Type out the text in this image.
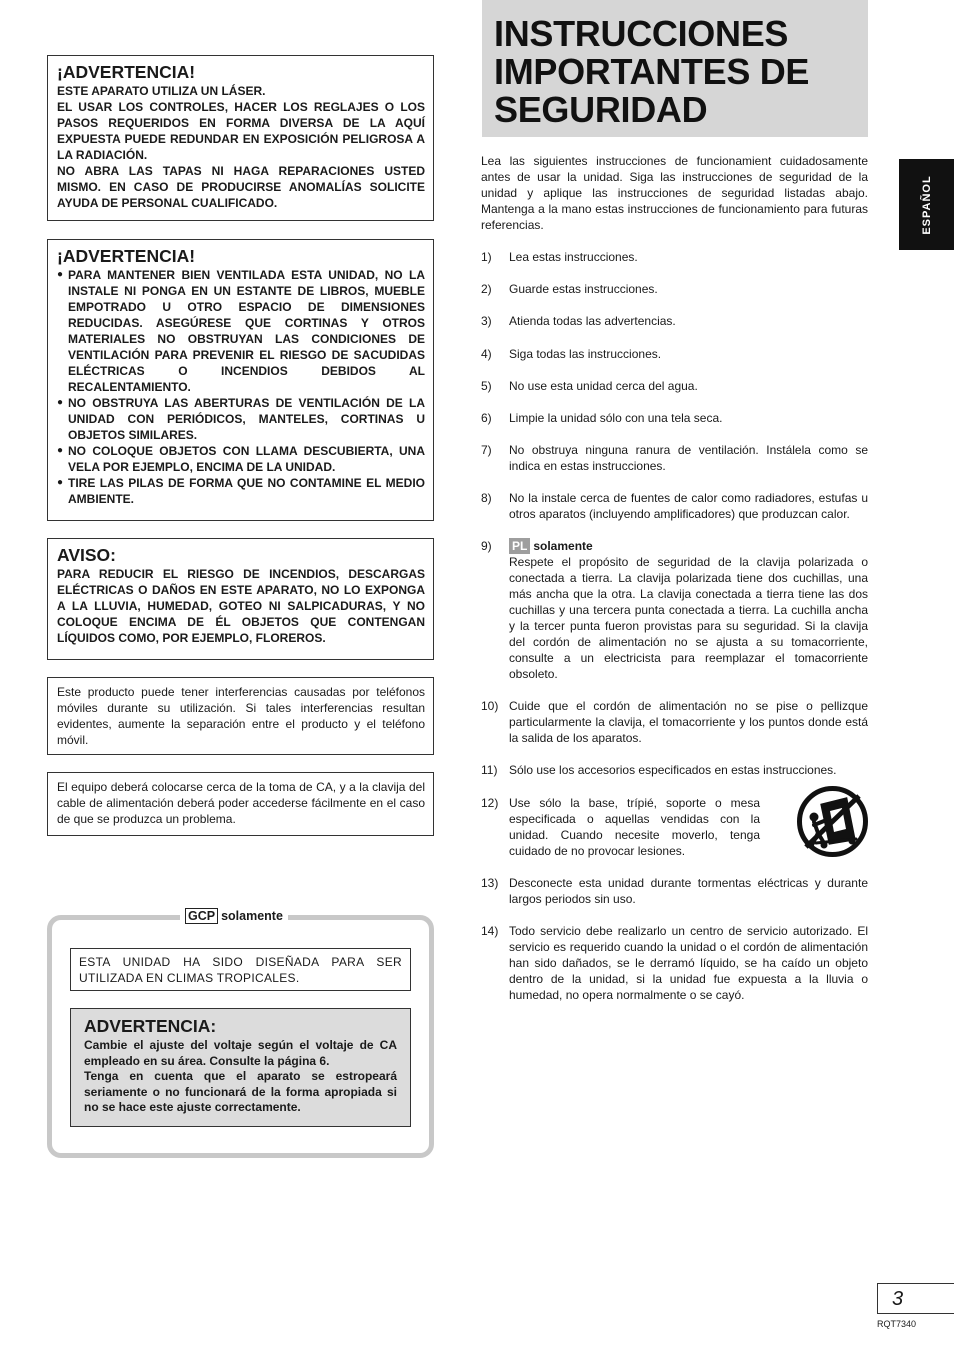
¡ADVERTENCIA!

ESTE APARATO UTILIZA UN LÁSER.

EL USAR LOS CONTROLES, HACER LOS REGLAJES O LOS PASOS REQUERIDOS EN FORMA DIVERSA DE LA AQUÍ EXPUESTA PUEDE REDUNDAR EN EXPOSICIÓN PELIGROSA A LA RADIACIÓN.

NO ABRA LAS TAPAS NI HAGA REPARACIONES USTED MISMO. EN CASO DE PRODUCIRSE ANOMALÍAS SOLICITE AYUDA DE PERSONAL CUALIFICADO.

¡ADVERTENCIA!
● PARA MANTENER BIEN VENTILADA ESTA UNIDAD, NO LA INSTALE NI PONGA EN UN ESTANTE DE LIBROS, MUEBLE EMPOTRADO U OTRO ESPACIO DE DIMENSIONES REDUCIDAS. ASEGÚRESE QUE CORTINAS Y OTROS MATERIALES NO OBSTRUYAN LAS CONDICIONES DE VENTILACIÓN PARA PREVENIR EL RIESGO DE SACUDIDAS ELÉCTRICAS O INCENDIOS DEBIDOS AL RECALENTAMIENTO.
● NO OBSTRUYA LAS ABERTURAS DE VENTILACIÓN DE LA UNIDAD CON PERIÓDICOS, MANTELES, CORTINAS U OBJETOS SIMILARES.
● NO COLOQUE OBJETOS CON LLAMA DESCUBIERTA, UNA VELA POR EJEMPLO, ENCIMA DE LA UNIDAD.
● TIRE LAS PILAS DE FORMA QUE NO CONTAMINE EL MEDIO AMBIENTE.
AVISO:

PARA REDUCIR EL RIESGO DE INCENDIOS, DESCARGAS ELÉCTRICAS O DAÑOS EN ESTE APARATO, NO LO EXPONGA A LA LLUVIA, HUMEDAD, GOTEO NI SALPICADURAS, Y NO COLOQUE ENCIMA DE ÉL OBJETOS QUE CONTENGAN LÍQUIDOS COMO, POR EJEMPLO, FLOREROS.

Este producto puede tener interferencias causadas por teléfonos móviles durante su utilización. Si tales interferencias resultan evidentes, aumente la separación entre el producto y el teléfono móvil.

El equipo deberá colocarse cerca de la toma de CA, y a la clavija del cable de alimentación deberá poder accederse fácilmente en el caso de que se produzca un problema.

GCP solamente
ESTA UNIDAD HA SIDO DISEÑADA PARA SER UTILIZADA EN CLIMAS TROPICALES.
ADVERTENCIA:

Cambie el ajuste del voltaje según el voltaje de CA empleado en su área. Consulte la página 6.

Tenga en cuenta que el aparato se estropeará seriamente o no funcionará de la forma apropiada si no se hace este ajuste correctamente.

INSTRUCCIONES
IMPORTANTES DE
SEGURIDAD

Lea las siguientes instrucciones de funcionamient cuidadosamente antes de usar la unidad. Siga las instrucciones de seguridad de la unidad y aplique las instrucciones de seguridad listadas abajo. Mantenga a la mano estas instrucciones de funcionamiento para futuras referencias.

1)	Lea estas instrucciones.
2)	Guarde estas instrucciones.
3)	Atienda todas las advertencias.
4)	Siga todas las instrucciones.
5)	No use esta unidad cerca del agua.
6)	Limpie la unidad sólo con una tela seca.
7)	No obstruya ninguna ranura de ventilación. Instálela como se indica en estas instrucciones.
8)	No la instale cerca de fuentes de calor como radiadores, estufas u otros aparatos (incluyendo amplificadores) que produzcan calor.
9)	PL solamente
Respete el propósito de seguridad de la clavija polarizada o conectada a tierra. La clavija polarizada tiene dos cuchillas, una más ancha que la otra. La clavija conectada a tierra tiene las dos cuchillas y una tercera punta conectada a tierra. La cuchilla ancha y la tercer punta fueron provistas para su seguridad. Si la clavija del cordón de alimentación no se ajusta a su tomacorriente, consulte a un electricista para reemplazar el tomacorriente obsoleto.
10) Cuide que el cordón de alimentación no se pise o pellizque particularmente la clavija, el tomacorriente y los puntos donde está la salida de los aparatos.
11) Sólo use los accesorios especificados en estas instrucciones.
12) Use sólo la base, trípié, soporte o mesa especificada o aquellas vendidas con la unidad. Cuando necesite moverlo, tenga cuidado de no provocar lesiones.
13) Desconecte esta unidad durante tormentas eléctricas y durante largos periodos sin uso.
14) Todo servicio debe realizarlo un centro de servicio autorizado. El servicio es requerido cuando la unidad o el cordón de alimentación han sido dañados, se le derramó líquido, se ha caído un objeto dentro de la unidad, si la unidad fue expuesta a la lluvia o humedad, no opera normalmente o se cayó.
ESPAÑOL
3
RQT7340
